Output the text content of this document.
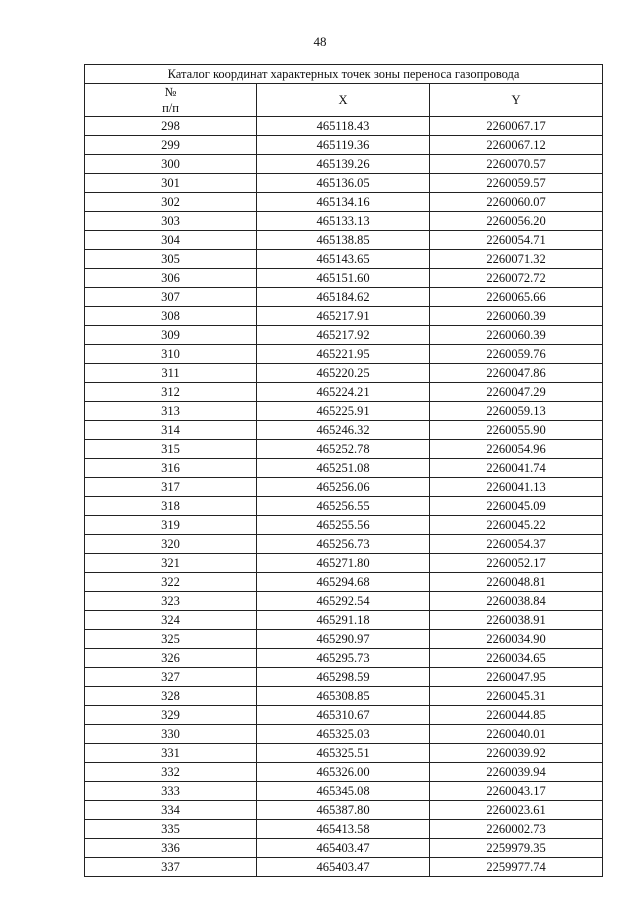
48
Каталог координат характерных точек зоны переноса газопровода		

№
п/п	X	Y
298	465118.43	2260067.17
299	465119.36	2260067.12
300	465139.26	2260070.57
301	465136.05	2260059.57
302	465134.16	2260060.07
303	465133.13	2260056.20
304	465138.85	2260054.71
305	465143.65	2260071.32
306	465151.60	2260072.72
307	465184.62	2260065.66
308	465217.91	2260060.39
309	465217.92	2260060.39
310	465221.95	2260059.76
311	465220.25	2260047.86
312	465224.21	2260047.29
313	465225.91	2260059.13
314	465246.32	2260055.90
315	465252.78	2260054.96
316	465251.08	2260041.74
317	465256.06	2260041.13
318	465256.55	2260045.09
319	465255.56	2260045.22
320	465256.73	2260054.37
321	465271.80	2260052.17
322	465294.68	2260048.81
323	465292.54	2260038.84
324	465291.18	2260038.91
325	465290.97	2260034.90
326	465295.73	2260034.65
327	465298.59	2260047.95
328	465308.85	2260045.31
329	465310.67	2260044.85
330	465325.03	2260040.01
331	465325.51	2260039.92
332	465326.00	2260039.94
333	465345.08	2260043.17
334	465387.80	2260023.61
335	465413.58	2260002.73
336	465403.47	2259979.35
337	465403.47	2259977.74
